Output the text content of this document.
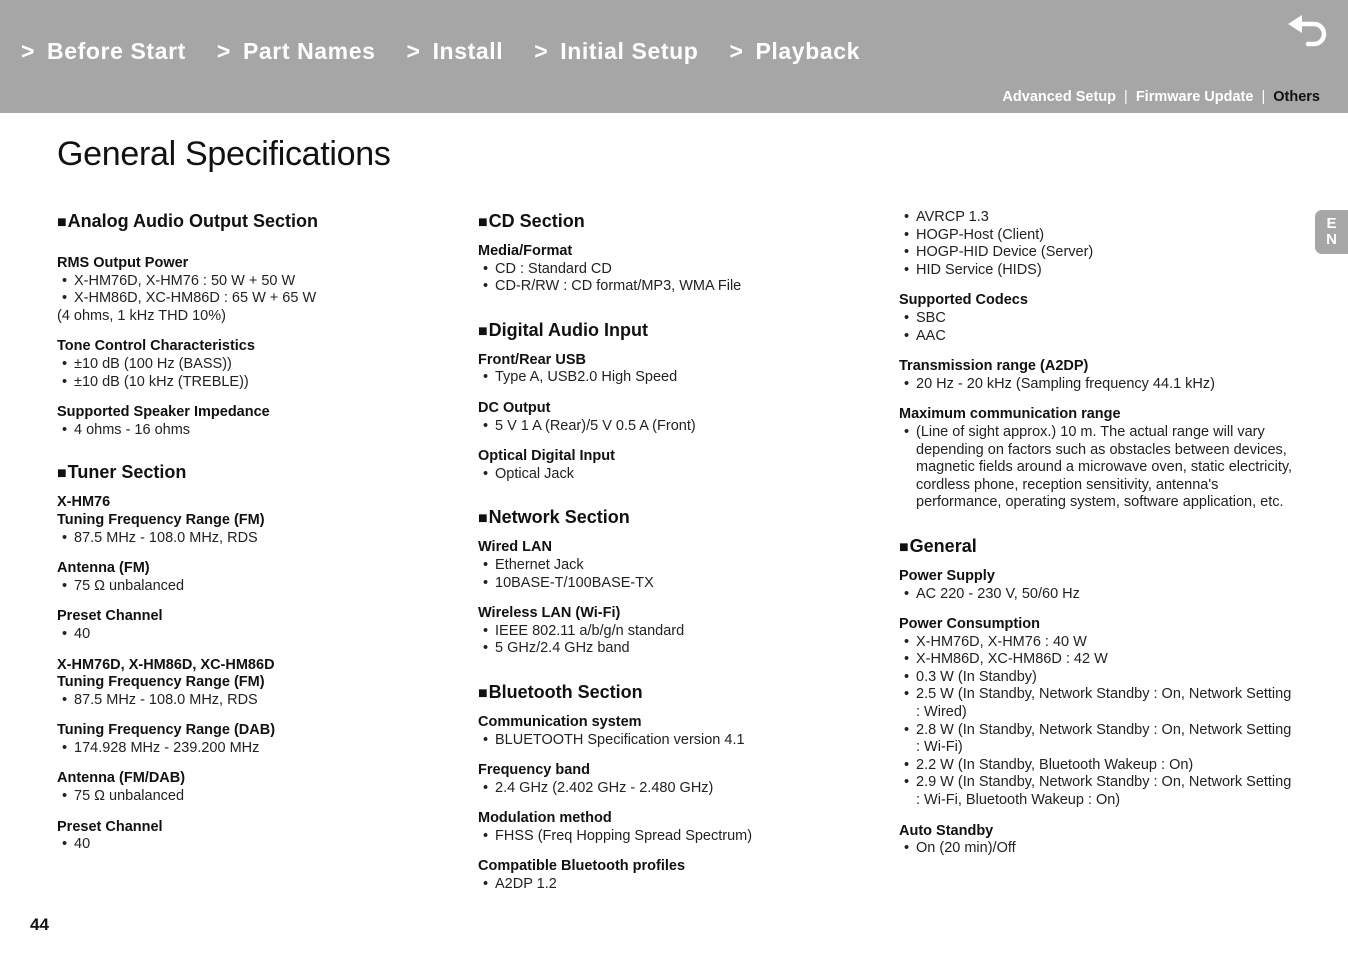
> Before Start > Part Names > Install > Initial Setup > Playback
Advanced Setup | Firmware Update | Others
General Specifications
E
N
■Analog Audio Output Section
RMS Output Power
• X-HM76D, X-HM76 : 50 W + 50 W
• X-HM86D, XC-HM86D : 65 W + 65 W
(4 ohms, 1 kHz THD 10%)
Tone Control Characteristics
• ±10 dB (100 Hz (BASS))
• ±10 dB (10 kHz (TREBLE))
Supported Speaker Impedance
• 4 ohms - 16 ohms
■Tuner Section
X-HM76
Tuning Frequency Range (FM)
• 87.5 MHz - 108.0 MHz, RDS
Antenna (FM)
• 75 Ω unbalanced
Preset Channel
• 40
X-HM76D, X-HM86D, XC-HM86D
Tuning Frequency Range (FM)
• 87.5 MHz - 108.0 MHz, RDS
Tuning Frequency Range (DAB)
• 174.928 MHz - 239.200 MHz
Antenna (FM/DAB)
• 75 Ω unbalanced
Preset Channel
• 40
■CD Section
Media/Format
• CD : Standard CD
• CD-R/RW : CD format/MP3, WMA File
■Digital Audio Input
Front/Rear USB
• Type A, USB2.0 High Speed
DC Output
• 5 V 1 A (Rear)/5 V 0.5 A (Front)
Optical Digital Input
• Optical Jack
■Network Section
Wired LAN
• Ethernet Jack
• 10BASE-T/100BASE-TX
Wireless LAN (Wi-Fi)
• IEEE 802.11 a/b/g/n standard
• 5 GHz/2.4 GHz band
■Bluetooth Section
Communication system
• BLUETOOTH Specification version 4.1
Frequency band
• 2.4 GHz (2.402 GHz - 2.480 GHz)
Modulation method
• FHSS (Freq Hopping Spread Spectrum)
Compatible Bluetooth profiles
• A2DP 1.2
• AVRCP 1.3
• HOGP-Host (Client)
• HOGP-HID Device (Server)
• HID Service (HIDS)
Supported Codecs
• SBC
• AAC
Transmission range (A2DP)
• 20 Hz - 20 kHz (Sampling frequency 44.1 kHz)
Maximum communication range
• (Line of sight approx.) 10 m. The actual range will vary depending on factors such as obstacles between devices, magnetic fields around a microwave oven, static electricity, cordless phone, reception sensitivity, antenna's performance, operating system, software application, etc.
■General
Power Supply
• AC 220 - 230 V, 50/60 Hz
Power Consumption
• X-HM76D, X-HM76 : 40 W
• X-HM86D, XC-HM86D : 42 W
• 0.3 W (In Standby)
• 2.5 W (In Standby, Network Standby : On, Network Setting : Wired)
• 2.8 W (In Standby, Network Standby : On, Network Setting : Wi-Fi)
• 2.2 W (In Standby, Bluetooth Wakeup : On)
• 2.9 W (In Standby, Network Standby : On, Network Setting : Wi-Fi, Bluetooth Wakeup : On)
Auto Standby
• On (20 min)/Off
44
